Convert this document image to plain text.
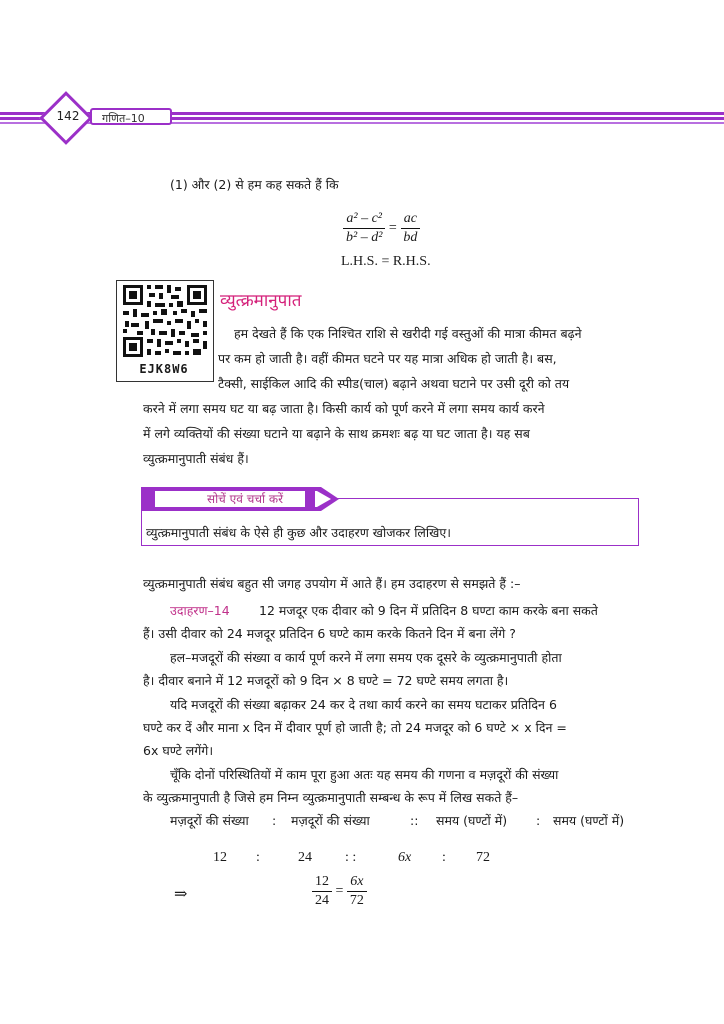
142	गणित–10
(1) और (2) से हम कह सकते हैं कि
$\frac{\text{a² – c²}}{\text{b² – d²}} = \frac{ac}{bd}$
L.H.S. = R.H.S.
EJK8W6
व्युत्क्रमानुपात
हम देखते हैं कि एक निश्चित राशि से खरीदी गई वस्तुओं की मात्रा कीमत बढ़ने
पर कम हो जाती है। वहीं कीमत घटने पर यह मात्रा अधिक हो जाती है। बस,
टैक्सी, साईकिल आदि की स्पीड(चाल) बढ़ाने अथवा घटाने पर उसी दूरी को तय
करने में लगा समय घट या बढ़ जाता है। किसी कार्य को पूर्ण करने में लगा समय कार्य करने
में लगे व्यक्तियों की संख्या घटाने या बढ़ाने के साथ क्रमशः बढ़ या घट जाता है। यह सब
व्युत्क्रमानुपाती संबंध हैं।
सोचें एवं चर्चा करें
व्युत्क्रमानुपाती संबंध के ऐसे ही कुछ और उदाहरण खोजकर लिखिए।
व्युत्क्रमानुपाती संबंध बहुत सी जगह उपयोग में आते हैं। हम उदाहरण से समझते हैं :–
उदाहरण–14 12 मजदूर एक दीवार को 9 दिन में प्रतिदिन 8 घण्टा काम करके बना सकते
हैं। उसी दीवार को 24 मजदूर प्रतिदिन 6 घण्टे काम करके कितने दिन में बना लेंगे ?
हल–मजदूरों की संख्या व कार्य पूर्ण करने में लगा समय एक दूसरे के व्युत्क्रमानुपाती होता
है। दीवार बनाने में 12 मजदूरों को 9 दिन × 8 घण्टे = 72 घण्टे समय लगता है।
यदि मजदूरों की संख्या बढ़ाकर 24 कर दे तथा कार्य करने का समय घटाकर प्रतिदिन 6
घण्टे कर दें और माना x दिन में दीवार पूर्ण हो जाती है; तो 24 मजदूर को 6 घण्टे × x दिन =
6x घण्टे लगेंगे।
चूँकि दोनों परिस्थितियों में काम पूरा हुआ अतः यह समय की गणना व मज़दूरों की संख्या
के व्युत्क्रमानुपाती है जिसे हम निम्न व्युत्क्रमानुपाती सम्बन्ध के रूप में लिख सकते हैं–
मज़दूरों की संख्या : मज़दूरों की संख्या	:: समय (घण्टों में) : समय (घण्टों में)
12 :	24 : :	6x : 72
⇒	$\frac{12}{24} = \frac{6x}{72}$
